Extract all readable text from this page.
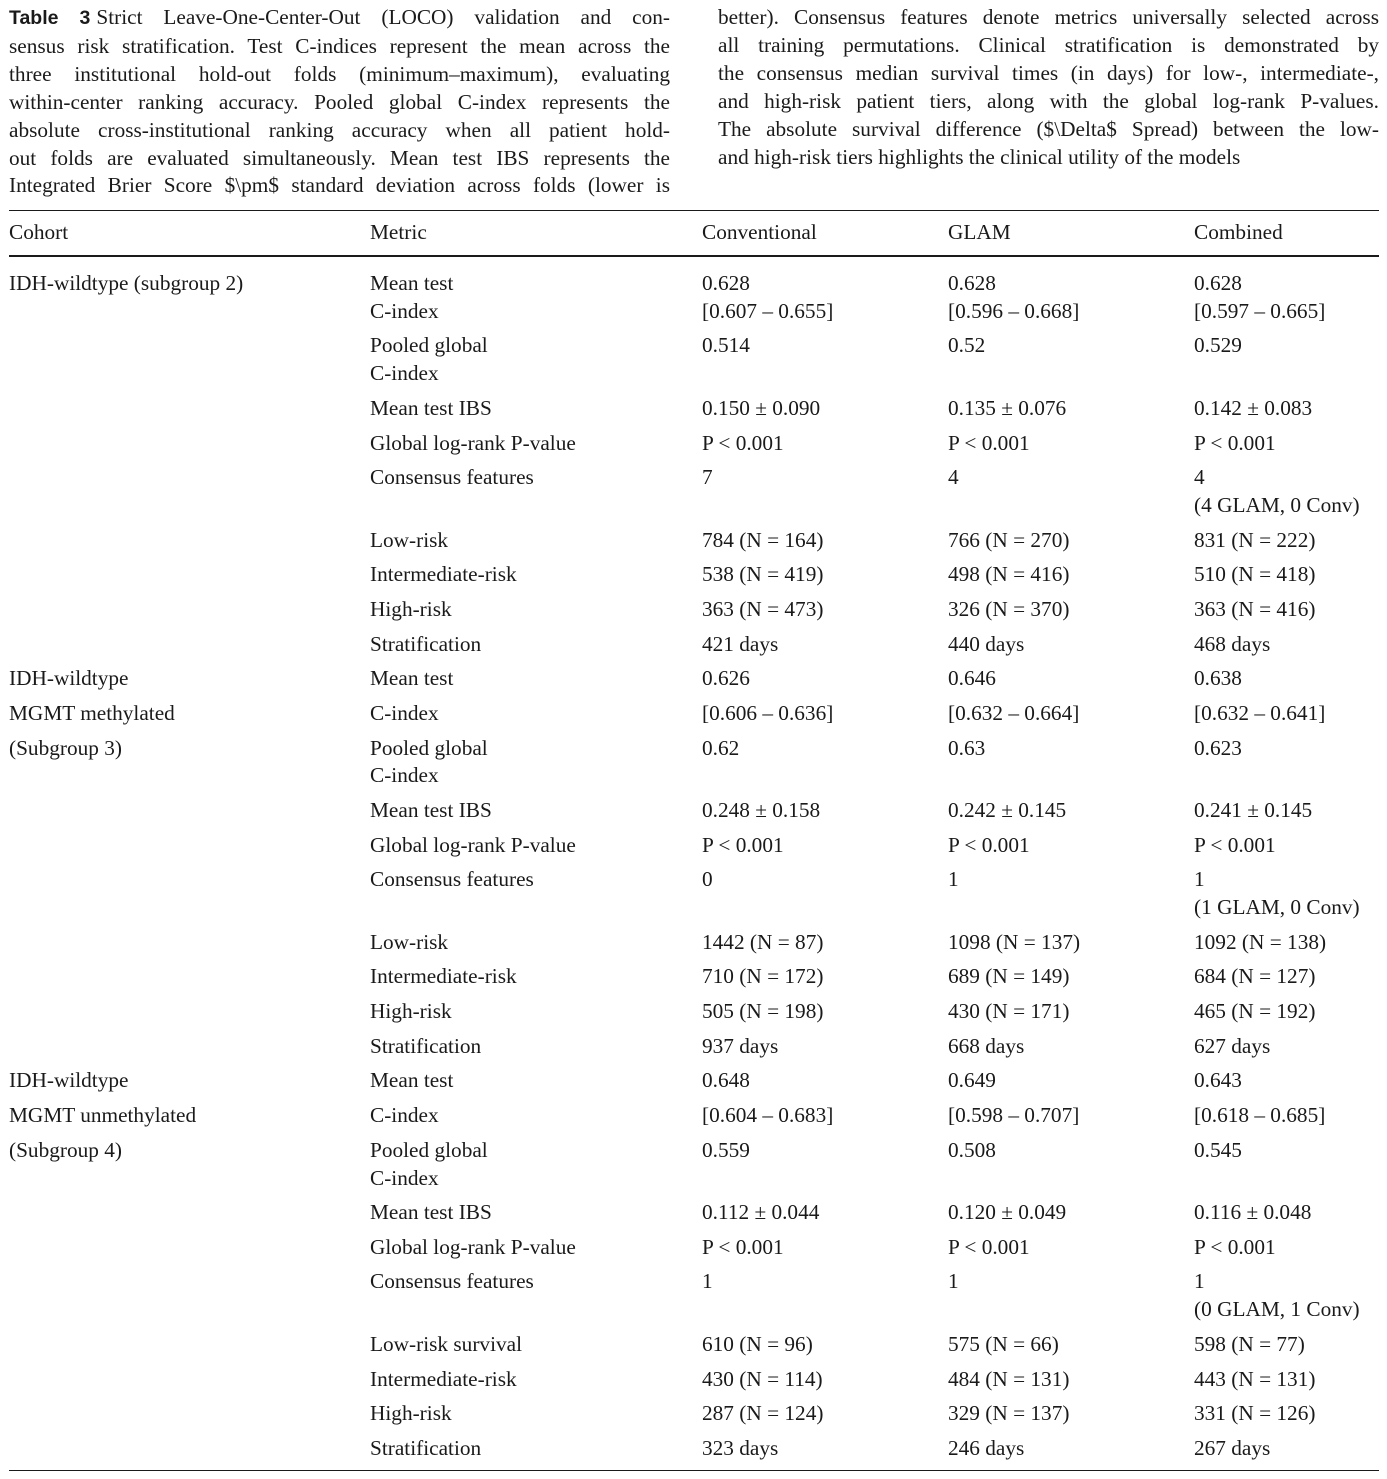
Table 3 Strict Leave-One-Center-Out (LOCO) validation and con-
sensus risk stratification. Test C-indices represent the mean across the
three institutional hold-out folds (minimum–maximum), evaluating
within-center ranking accuracy. Pooled global C-index represents the
absolute cross-institutional ranking accuracy when all patient hold-
out folds are evaluated simultaneously. Mean test IBS represents the
Integrated Brier Score $\pm$ standard deviation across folds (lower is
better). Consensus features denote metrics universally selected across
all training permutations. Clinical stratification is demonstrated by
the consensus median survival times (in days) for low-, intermediate-,
and high-risk patient tiers, along with the global log-rank P-values.
The absolute survival difference ($\Delta$ Spread) between the low-
and high-risk tiers highlights the clinical utility of the models
Cohort	Metric	Conventional	GLAM	Combined
IDH-wildtype (subgroup 2)	Mean test	0.628	0.628	0.628
C-index	[0.607 – 0.655]	[0.596 – 0.668]	[0.597 – 0.665]
Pooled global	0.514	0.52	0.529
C-index
Mean test IBS	0.150 ± 0.090	0.135 ± 0.076	0.142 ± 0.083
Global log-rank P-value	P < 0.001	P < 0.001	P < 0.001
Consensus features	7	4	4
(4 GLAM, 0 Conv)
Low-risk	784 (N = 164)	766 (N = 270)	831 (N = 222)
Intermediate-risk	538 (N = 419)	498 (N = 416)	510 (N = 418)
High-risk	363 (N = 473)	326 (N = 370)	363 (N = 416)
Stratification	421 days	440 days	468 days
IDH-wildtype	Mean test	0.626	0.646	0.638
MGMT methylated	C-index	[0.606 – 0.636]	[0.632 – 0.664]	[0.632 – 0.641]
(Subgroup 3)	Pooled global	0.62	0.63	0.623
C-index
Mean test IBS	0.248 ± 0.158	0.242 ± 0.145	0.241 ± 0.145
Global log-rank P-value	P < 0.001	P < 0.001	P < 0.001
Consensus features	0	1	1
(1 GLAM, 0 Conv)
Low-risk	1442 (N = 87)	1098 (N = 137)	1092 (N = 138)
Intermediate-risk	710 (N = 172)	689 (N = 149)	684 (N = 127)
High-risk	505 (N = 198)	430 (N = 171)	465 (N = 192)
Stratification	937 days	668 days	627 days
IDH-wildtype	Mean test	0.648	0.649	0.643
MGMT unmethylated	C-index	[0.604 – 0.683]	[0.598 – 0.707]	[0.618 – 0.685]
(Subgroup 4)	Pooled global	0.559	0.508	0.545
C-index
Mean test IBS	0.112 ± 0.044	0.120 ± 0.049	0.116 ± 0.048
Global log-rank P-value	P < 0.001	P < 0.001	P < 0.001
Consensus features	1	1	1
(0 GLAM, 1 Conv)
Low-risk survival	610 (N = 96)	575 (N = 66)	598 (N = 77)
Intermediate-risk	430 (N = 114)	484 (N = 131)	443 (N = 131)
High-risk	287 (N = 124)	329 (N = 137)	331 (N = 126)
Stratification	323 days	246 days	267 days
